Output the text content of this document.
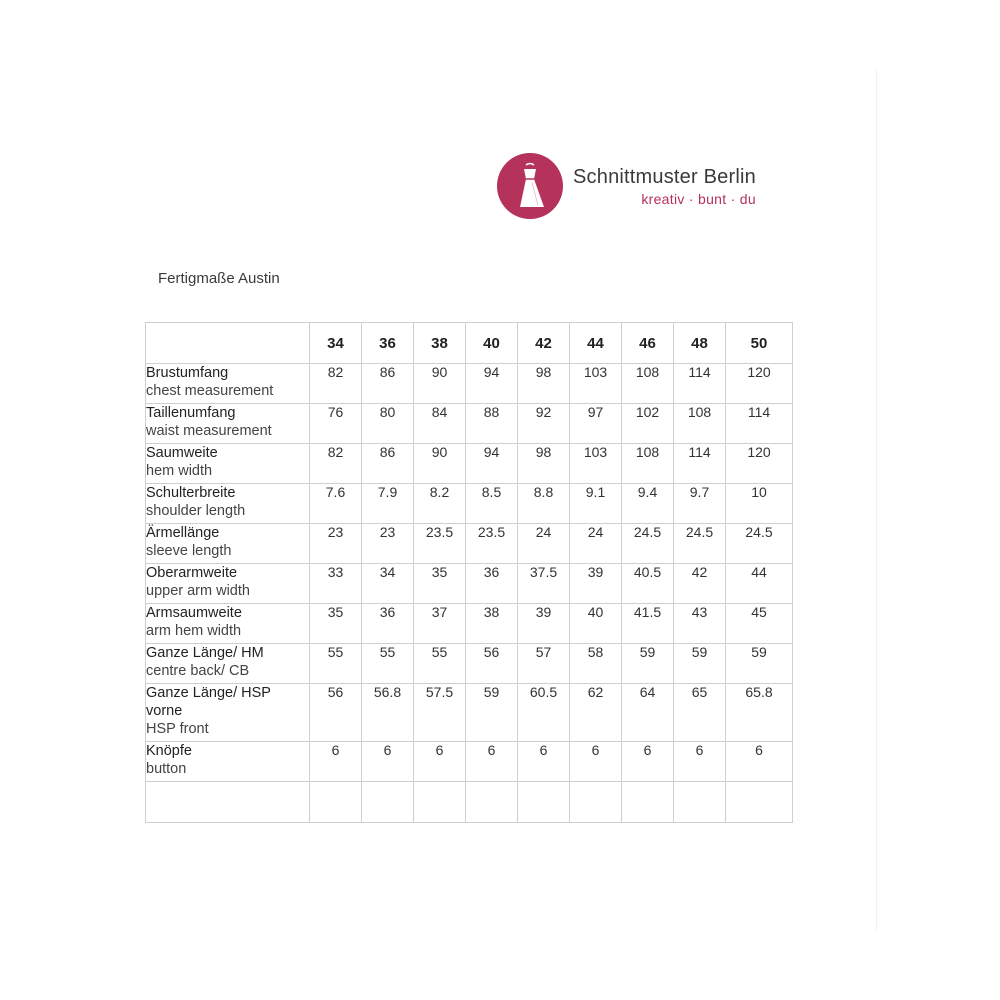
Schnittmuster Berlin
kreativ · bunt · du
Fertigmaße Austin
	34	36	38	40	42	44	46	48	50

Brustumfang
chest measurement	82	86	90	94	98	103	108	114	120

Taillenumfang
waist measurement	76	80	84	88	92	97	102	108	114

Saumweite
hem width	82	86	90	94	98	103	108	114	120

Schulterbreite
shoulder length	7.6	7.9	8.2	8.5	8.8	9.1	9.4	9.7	10

Ärmellänge
sleeve length	23	23	23.5	23.5	24	24	24.5	24.5	24.5

Oberarmweite
upper arm width	33	34	35	36	37.5	39	40.5	42	44

Armsaumweite
arm hem width	35	36	37	38	39	40	41.5	43	45

Ganze Länge/ HM
centre back/ CB	55	55	55	56	57	58	59	59	59

Ganze Länge/ HSP vorne
HSP front	56	56.8	57.5	59	60.5	62	64	65	65.8

Knöpfe
button	6	6	6	6	6	6	6	6	6
